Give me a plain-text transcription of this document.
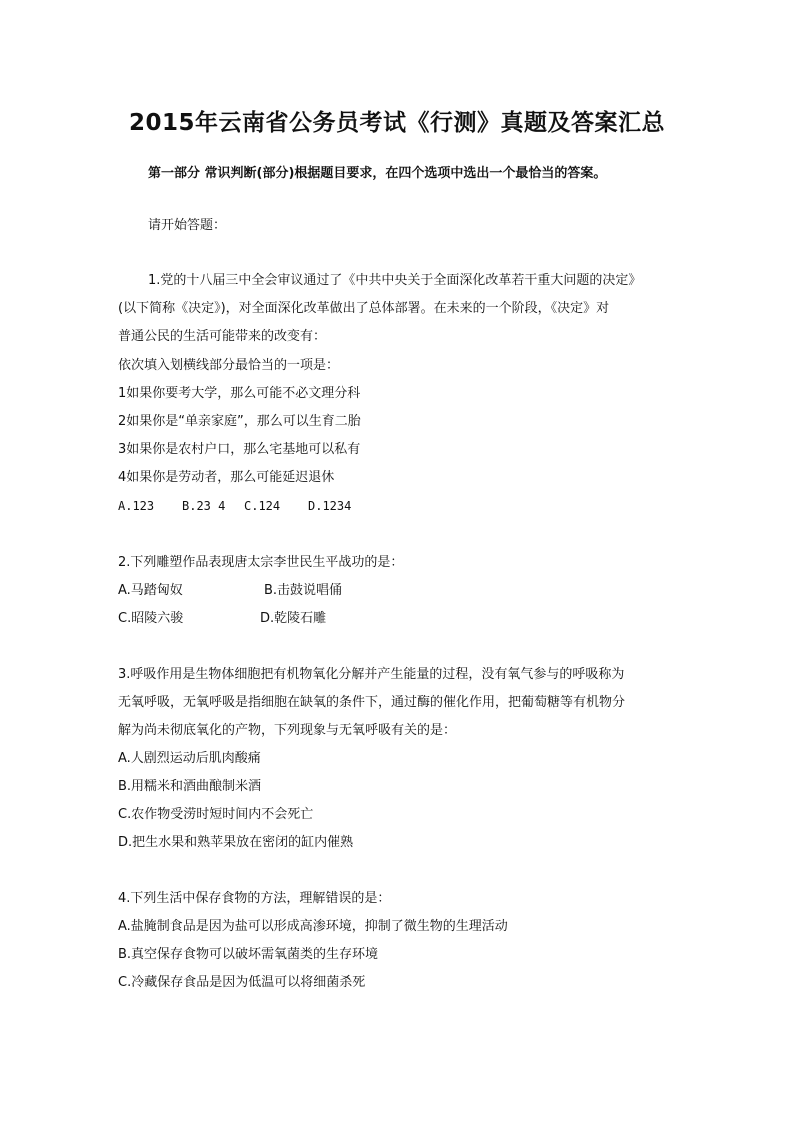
2015年云南省公务员考试《行测》真题及答案汇总
第一部分 常识判断(部分)根据题目要求，在四个选项中选出一个最恰当的答案。
请开始答题：
1.党的十八届三中全会审议通过了《中共中央关于全面深化改革若干重大问题的决定》
(以下简称《决定》)，对全面深化改革做出了总体部署。在未来的一个阶段，《决定》对
普通公民的生活可能带来的改变有：
依次填入划横线部分最恰当的一项是：
1如果你要考大学，那么可能不必文理分科
2如果你是“单亲家庭”，那么可以生育二胎
3如果你是农村户口，那么宅基地可以私有
4如果你是劳动者，那么可能延迟退休
A.123 B.23 4 C.124 D.1234
2.下列雕塑作品表现唐太宗李世民生平战功的是：
A.马踏匈奴	B.击鼓说唱俑
C.昭陵六骏	D.乾陵石雕
3.呼吸作用是生物体细胞把有机物氧化分解并产生能量的过程，没有氧气参与的呼吸称为
无氧呼吸，无氧呼吸是指细胞在缺氧的条件下，通过酶的催化作用，把葡萄糖等有机物分
解为尚未彻底氧化的产物，下列现象与无氧呼吸有关的是：
A.人剧烈运动后肌肉酸痛
B.用糯米和酒曲酿制米酒
C.农作物受涝时短时间内不会死亡
D.把生水果和熟苹果放在密闭的缸内催熟
4.下列生活中保存食物的方法，理解错误的是：
A.盐腌制食品是因为盐可以形成高渗环境，抑制了微生物的生理活动
B.真空保存食物可以破坏需氧菌类的生存环境
C.冷藏保存食品是因为低温可以将细菌杀死
